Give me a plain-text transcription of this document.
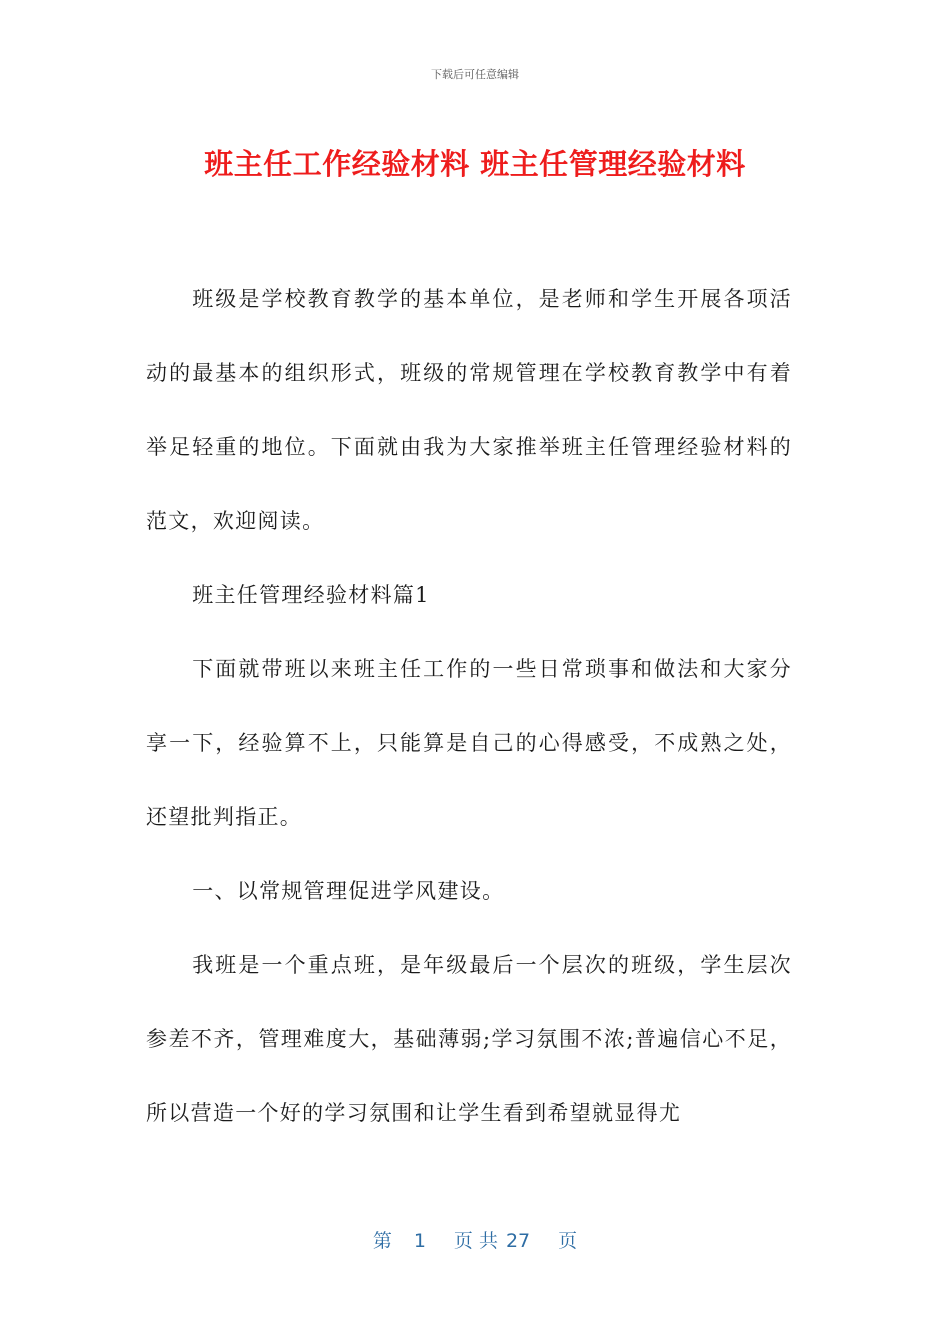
下载后可任意编辑
班主任工作经验材料 班主任管理经验材料

班级是学校教育教学的基本单位，是老师和学生开展各项活动的最基本的组织形式，班级的常规管理在学校教育教学中有着举足轻重的地位。下面就由我为大家推举班主任管理经验材料的范文，欢迎阅读。

班主任管理经验材料篇1

下面就带班以来班主任工作的一些日常琐事和做法和大家分享一下，经验算不上，只能算是自己的心得感受，不成熟之处，还望批判指正。

一、以常规管理促进学风建设。

我班是一个重点班，是年级最后一个层次的班级，学生层次参差不齐，管理难度大，基础薄弱;学习氛围不浓;普遍信心不足，所以营造一个好的学习氛围和让学生看到希望就显得尤

第 1 页 共 27 页
